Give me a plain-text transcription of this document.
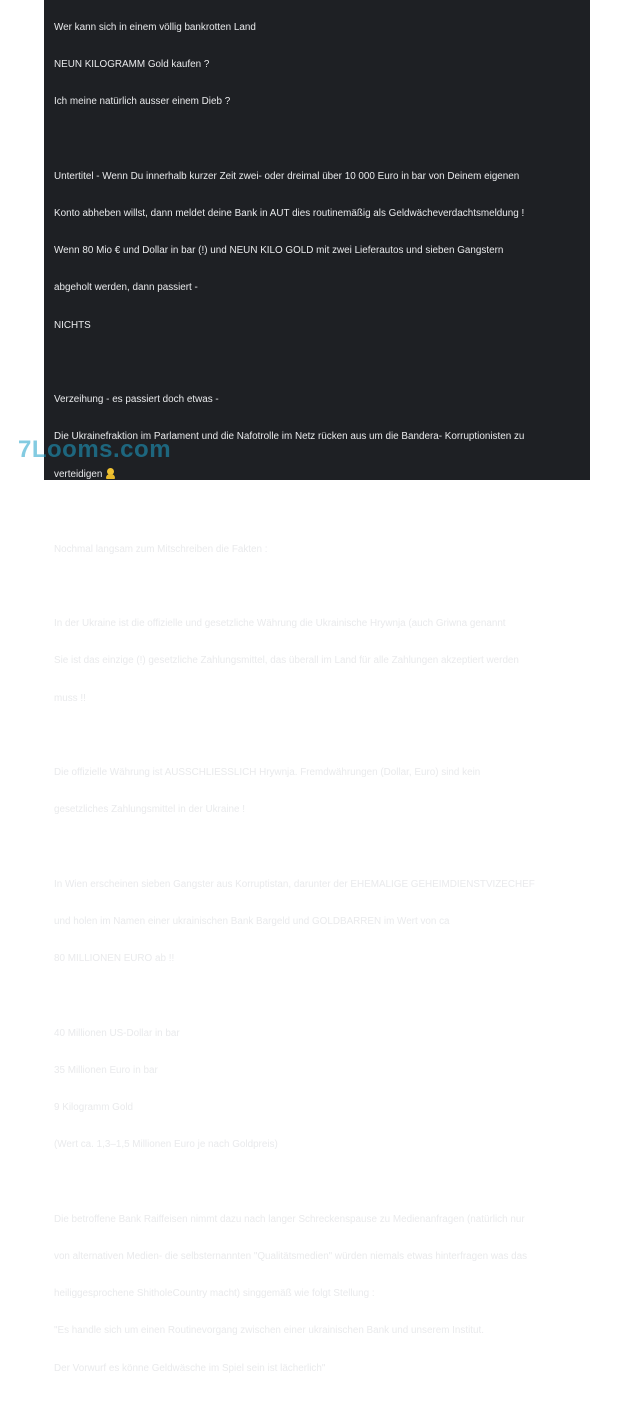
Wer kann sich in einem völlig bankrotten Land

NEUN KILOGRAMM Gold kaufen ?

Ich meine natürlich ausser einem Dieb ?

Untertitel - Wenn Du innerhalb kurzer Zeit zwei- oder dreimal über 10 000 Euro in bar von Deinem eigenen

Konto abheben willst, dann meldet deine Bank in AUT dies routinemäßig als Geldwächeverdachtsmeldung !

Wenn 80 Mio € und Dollar in bar (!) und NEUN KILO GOLD mit zwei Lieferautos und sieben Gangstern

abgeholt werden, dann passiert -

NICHTS

Verzeihung - es passiert doch etwas -

Die Ukrainefraktion im Parlament und die Nafotrolle im Netz rücken aus um die Bandera- Korruptionisten zu

verteidigen

Nochmal langsam zum Mitschreiben die Fakten :

In der Ukraine ist die offizielle und gesetzliche Währung die Ukrainische Hrywnja (auch Griwna genannt

Sie ist das einzige (!) gesetzliche Zahlungsmittel, das überall im Land für alle Zahlungen akzeptiert werden

muss !!

Die offizielle Währung ist AUSSCHLIESSLICH Hrywnja. Fremdwährungen (Dollar, Euro) sind kein

gesetzliches Zahlungsmittel in der Ukraine !

In Wien erscheinen sieben Gangster aus Korruptistan, darunter der EHEMALIGE GEHEIMDIENSTVIZECHEF

und holen im Namen einer ukrainischen Bank Bargeld und GOLDBARREN im Wert von ca

80 MILLIONEN EURO ab !!

40 Millionen US-Dollar in bar

35 Millionen Euro in bar

9 Kilogramm Gold

(Wert ca. 1,3–1,5 Millionen Euro je nach Goldpreis)

Die betroffene Bank Raiffeisen nimmt dazu nach langer Schreckenspause zu Medienanfragen (natürlich nur

von alternativen Medien- die selbsternannten "Qualitätsmedien" würden niemals etwas hinterfragen was das

heiliggesprochene ShitholeCountry macht) singgemäß wie folgt Stellung :

"Es handle sich um einen Routinevorgang zwischen einer ukrainischen Bank und unserem Institut.

Der Vorwurf es könne Geldwäsche im Spiel sein ist lächerlich"

7Looms.com
